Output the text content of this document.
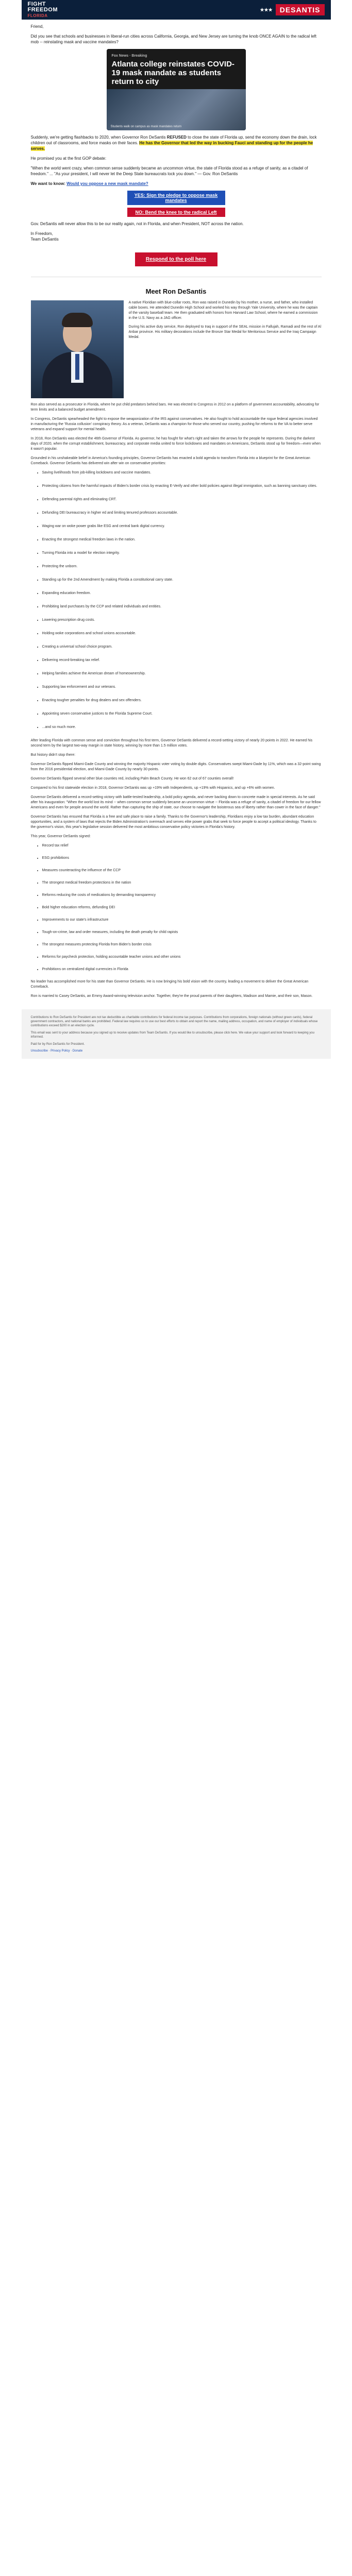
FIGHT
FREEDOM
FLORIDA
★★★	DESANTIS

Friend,

Did you see that schools and businesses in liberal-run cities across California, Georgia, and New Jersey are turning the knob ONCE AGAIN to the radical left mob -- reinstating mask and vaccine mandates?

Fox News · Breaking
Atlanta college reinstates COVID-19 mask mandate as students return to city
Students walk on campus as mask mandates return

Suddenly, we're getting flashbacks to 2020, when Governor Ron DeSantis REFUSED to close the state of Florida up, send the economy down the drain, lock children out of classrooms, and force masks on their faces. He has the Governor that led the way in bucking Fauci and standing up for the people he serves.

He promised you at the first GOP debate:

"When the world went crazy, when common sense suddenly became an uncommon virtue, the state of Florida stood as a refuge of sanity, as a citadel of freedom." ... "As your president, I will never let the Deep State bureaucrats lock you down." — Gov. Ron DeSantis

We want to know: Would you oppose a new mask mandate?

YES: Sign the pledge to oppose mask mandates
NO: Bend the knee to the radical Left

Gov. DeSantis will never allow this to be our reality again, not in Florida, and when President, NOT across the nation.

In Freedom,
Team DeSantis

Respond to the poll here
Meet Ron DeSantis

A native Floridian with blue-collar roots, Ron was raised in Dunedin by his mother, a nurse, and father, who installed cable boxes. He attended Dunedin High School and worked his way through Yale University, where he was the captain of the varsity baseball team. He then graduated with honors from Harvard Law School, where he earned a commission in the U.S. Navy as a JAG officer.

During his active duty service, Ron deployed to Iraq in support of the SEAL mission in Fallujah, Ramadi and the rest of Al Anbar province. His military decorations include the Bronze Star Medal for Meritorious Service and the Iraq Campaign Medal.

Ron also served as a prosecutor in Florida, where he put child predators behind bars. He was elected to Congress in 2012 on a platform of government accountability, advocating for term limits and a balanced budget amendment.

In Congress, DeSantis spearheaded the fight to expose the weaponization of the IRS against conservatives. He also fought to hold accountable the rogue federal agencies involved in manufacturing the 'Russia collusion' conspiracy theory. As a veteran, DeSantis was a champion for those who served our country, pushing for reforms to the VA to better serve veterans and expand support for mental health.

In 2018, Ron DeSantis was elected the 46th Governor of Florida. As governor, he has fought for what's right and taken the arrows for the people he represents. During the darkest days of 2020, when the corrupt establishment, bureaucracy, and corporate media united to force lockdowns and mandates on Americans, DeSantis stood up for freedom—even when it wasn't popular.

Grounded in his unshakeable belief in America's founding principles, Governor DeSantis has enacted a bold agenda to transform Florida into a blueprint for the Great American Comeback. Governor DeSantis has delivered win after win on conservative priorities:

• Saving livelihoods from job-killing lockdowns and vaccine mandates.
• Protecting citizens from the harmful impacts of Biden's border crisis by enacting E-Verify and other bold policies against illegal immigration, such as banning sanctuary cities.
• Defending parental rights and eliminating CRT.
• Defunding DEI bureaucracy in higher ed and limiting tenured professors accountable.
• Waging war on woke power grabs like ESG and central bank digital currency.
• Enacting the strongest medical freedom laws in the nation.
• Turning Florida into a model for election integrity.
• Protecting the unborn.
• Standing up for the 2nd Amendment by making Florida a constitutional carry state.
• Expanding education freedom.
• Prohibiting land purchases by the CCP and related individuals and entities.
• Lowering prescription drug costs.
• Holding woke corporations and school unions accountable.
• Creating a universal school choice program.
• Delivering record-breaking tax relief.
• Helping families achieve the American dream of homeownership.
• Supporting law enforcement and our veterans.
• Enacting tougher penalties for drug dealers and sex offenders.
• Appointing seven conservative justices to the Florida Supreme Court.
• ...and so much more.

After leading Florida with common sense and conviction throughout his first term, Governor DeSantis delivered a record-setting victory of nearly 20 points in 2022. He earned his second term by the largest two-way margin in state history, winning by more than 1.5 million votes.

But history didn't stop there:

Governor DeSantis flipped Miami-Dade County and winning the majority Hispanic voter voting by double digits. Conservatives swept Miami-Dade by 11%, which was a 32-point swing from the 2016 presidential election, and Miami-Dade County by nearly 30 points.

Governor DeSantis flipped several other blue counties red, including Palm Beach County. He won 62 out of 67 counties overall!

Compared to his first statewide election in 2018, Governor DeSantis was up +19% with Independents, up +19% with Hispanics, and up +6% with women.

Governor DeSantis delivered a record-setting victory with battle-tested leadership, a bold policy agenda, and never backing down to concrete made in special interests. As he said after his inauguration: "When the world lost its mind -- when common sense suddenly became an uncommon virtue -- Florida was a refuge of sanity, a citadel of freedom for our fellow Americans and even for people around the world. Rather than capturing the ship of state, our choose to navigate the boisterous sea of liberty rather than cower in the face of danger."

Governor DeSantis has ensured that Florida is a free and safe place to raise a family. Thanks to the Governor's leadership, Floridians enjoy a low tax burden, abundant education opportunities, and a system of laws that rejects the Biden Administration's overreach and serves elite power grabs that seek to force people to accept a political ideology. Thanks to the governor's vision, this year's legislative session delivered the most ambitious conservative policy victories in Florida's history.

This year, Governor DeSantis signed:

• Record tax relief
• ESG prohibitions
• Measures counteracting the influence of the CCP
• The strongest medical freedom protections in the nation
• Reforms reducing the costs of medications by demanding transparency
• Bold higher education reforms, defunding DEI
• Improvements to our state's infrastructure
• Tough-on-crime, law and order measures, including the death penalty for child rapists
• The strongest measures protecting Florida from Biden's border crisis
• Reforms for paycheck protection, holding accountable teacher unions and other unions
• Prohibitions on centralized digital currencies in Florida

No leader has accomplished more for his state than Governor DeSantis. He is now bringing his bold vision with the country, leading a movement to deliver the Great American Comeback.

Ron is married to Casey DeSantis, an Emmy Award-winning television anchor. Together, they're the proud parents of their daughters, Madison and Mamie, and their son, Mason.

Contributions to Ron DeSantis for President are not tax deductible as charitable contributions for federal income tax purposes. Contributions from corporations, foreign nationals (without green cards), federal government contractors, and national banks are prohibited. Federal law requires us to use our best efforts to obtain and report the name, mailing address, occupation, and name of employer of individuals whose contributions exceed $200 in an election cycle.

This email was sent to your address because you signed up to receive updates from Team DeSantis. If you would like to unsubscribe, please click here. We value your support and look forward to keeping you informed.

Paid for by Ron DeSantis for President.

Unsubscribe · Privacy Policy · Donate
